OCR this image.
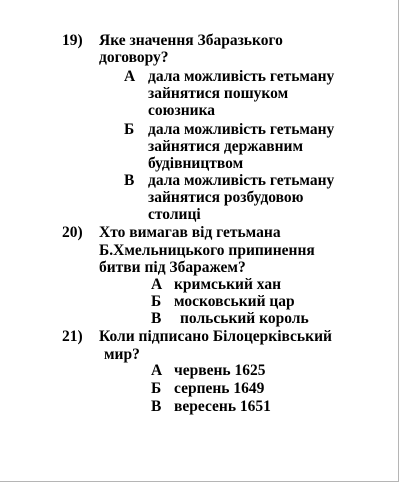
19) Яке значення Збаразького
договору?
А дала можливість гетьману
зайнятися пошуком
союзника
Б дала можливість гетьману
зайнятися державним
будівництвом
В дала можливість гетьману
зайнятися розбудовою
столиці
20) Хто вимагав від гетьмана
Б.Хмельницького припинення
битви під Збаражем?
А кримський хан
Б московський цар
В польський король
21) Коли підписано Білоцерківський
мир?
А червень 1625
Б серпень 1649
В вересень 1651
